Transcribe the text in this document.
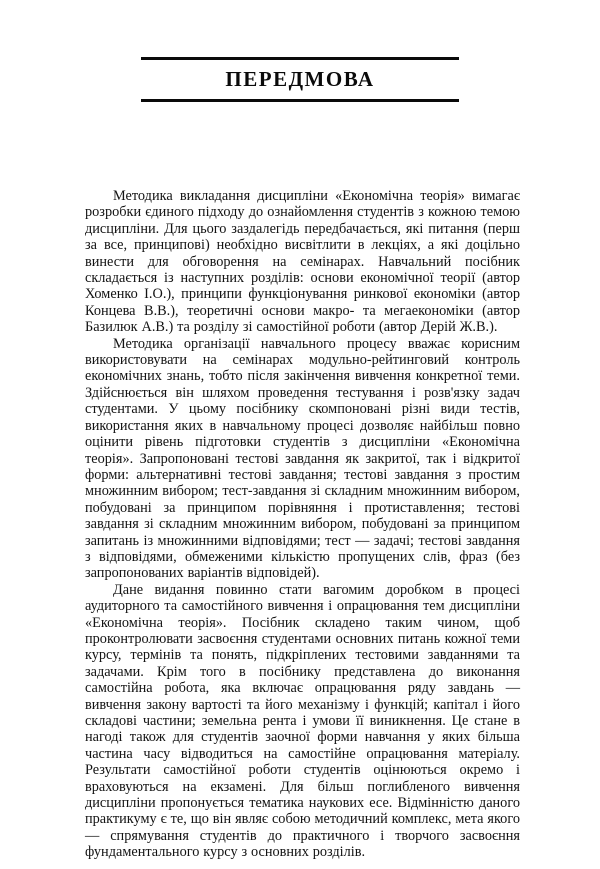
ПЕРЕДМОВА

Методика викладання дисципліни «Економічна теорія» вимагає розробки єдиного підходу до ознайомлення студентів з кожною темою дисципліни. Для цього заздалегідь передбачається, які питання (перш за все, принципові) необхідно висвітлити в лекціях, а які доцільно винести для обговорення на семінарах. Навчальний посібник складається із наступних розділів: основи економічної теорії (автор Хоменко І.О.), принципи функціонування ринкової економіки (автор Концева В.В.), теоретичні основи макро- та мегаекономіки (автор Базилюк А.В.) та розділу зі самостійної роботи (автор Дерій Ж.В.).

Методика організації навчального процесу вважає корисним використовувати на семінарах модульно-рейтинговий контроль економічних знань, тобто після закінчення вивчення конкретної теми. Здійснюється він шляхом проведення тестування і розв'язку задач студентами. У цьому посібнику скомпоновані різні види тестів, використання яких в навчальному процесі дозволяє найбільш повно оцінити рівень підготовки студентів з дисципліни «Економічна теорія». Запропоновані тестові завдання як закритої, так і відкритої форми: альтернативні тестові завдання; тестові завдання з простим множинним вибором; тест-завдання зі складним множинним вибором, побудовані за принципом порівняння і протиставлення; тестові завдання зі складним множинним вибором, побудовані за принципом запитань із множинними відповідями; тест — задачі; тестові завдання з відповідями, обмеженими кількістю пропущених слів, фраз (без запропонованих варіантів відповідей).

Дане видання повинно стати вагомим доробком в процесі аудиторного та самостійного вивчення і опрацювання тем дисципліни «Економічна теорія». Посібник складено таким чином, щоб проконтролювати засвоєння студентами основних питань кожної теми курсу, термінів та понять, підкріплених тестовими завданнями та задачами. Крім того в посібнику представлена до виконання самостійна робота, яка включає опрацювання ряду завдань — вивчення закону вартості та його механізму і функцій; капітал і його складові частини; земельна рента і умови її виникнення. Це стане в нагоді також для студентів заочної форми навчання у яких більша частина часу відводиться на самостійне опрацювання матеріалу. Результати самостійної роботи студентів оцінюються окремо і враховуються на екзамені. Для більш поглибленого вивчення дисципліни пропонується тематика наукових есе. Відмінністю даного практикуму є те, що він являє собою методичний комплекс, мета якого — спрямування студентів до практичного і творчого засвоєння фундаментального курсу з основних розділів.
